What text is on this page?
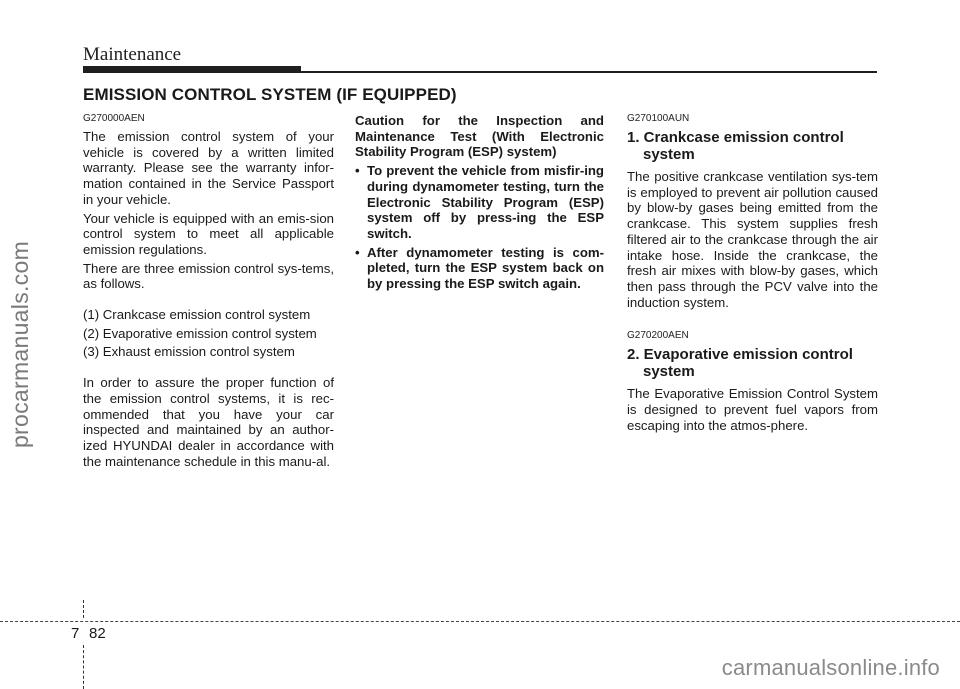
Maintenance
EMISSION CONTROL SYSTEM (IF EQUIPPED)
procarmanuals.com
G270000AEN

The emission control system of your vehicle is covered by a written limited warranty. Please see the warranty infor-mation contained in the Service Passport in your vehicle.

Your vehicle is equipped with an emis-sion control system to meet all applicable emission regulations.

There are three emission control sys-tems, as follows.

(1) Crankcase emission control system
(2) Evaporative emission control system
(3) Exhaust emission control system

In order to assure the proper function of the emission control systems, it is rec-ommended that you have your car inspected and maintained by an author-ized HYUNDAI dealer in accordance with the maintenance schedule in this manu-al.

Caution for the Inspection and Maintenance Test (With Electronic Stability Program (ESP) system)
• To prevent the vehicle from misfir-ing during dynamometer testing, turn the Electronic Stability Program (ESP) system off by press-ing the ESP switch.
• After dynamometer testing is com-pleted, turn the ESP system back on by pressing the ESP switch again.
G270100AUN
1. Crankcase emission control
system

The positive crankcase ventilation sys-tem is employed to prevent air pollution caused by blow-by gases being emitted from the crankcase. This system supplies fresh filtered air to the crankcase through the air intake hose. Inside the crankcase, the fresh air mixes with blow-by gases, which then pass through the PCV valve into the induction system.

G270200AEN
2. Evaporative emission control
system

The Evaporative Emission Control System is designed to prevent fuel vapors from escaping into the atmos-phere.

7 82
carmanualsonline.info
